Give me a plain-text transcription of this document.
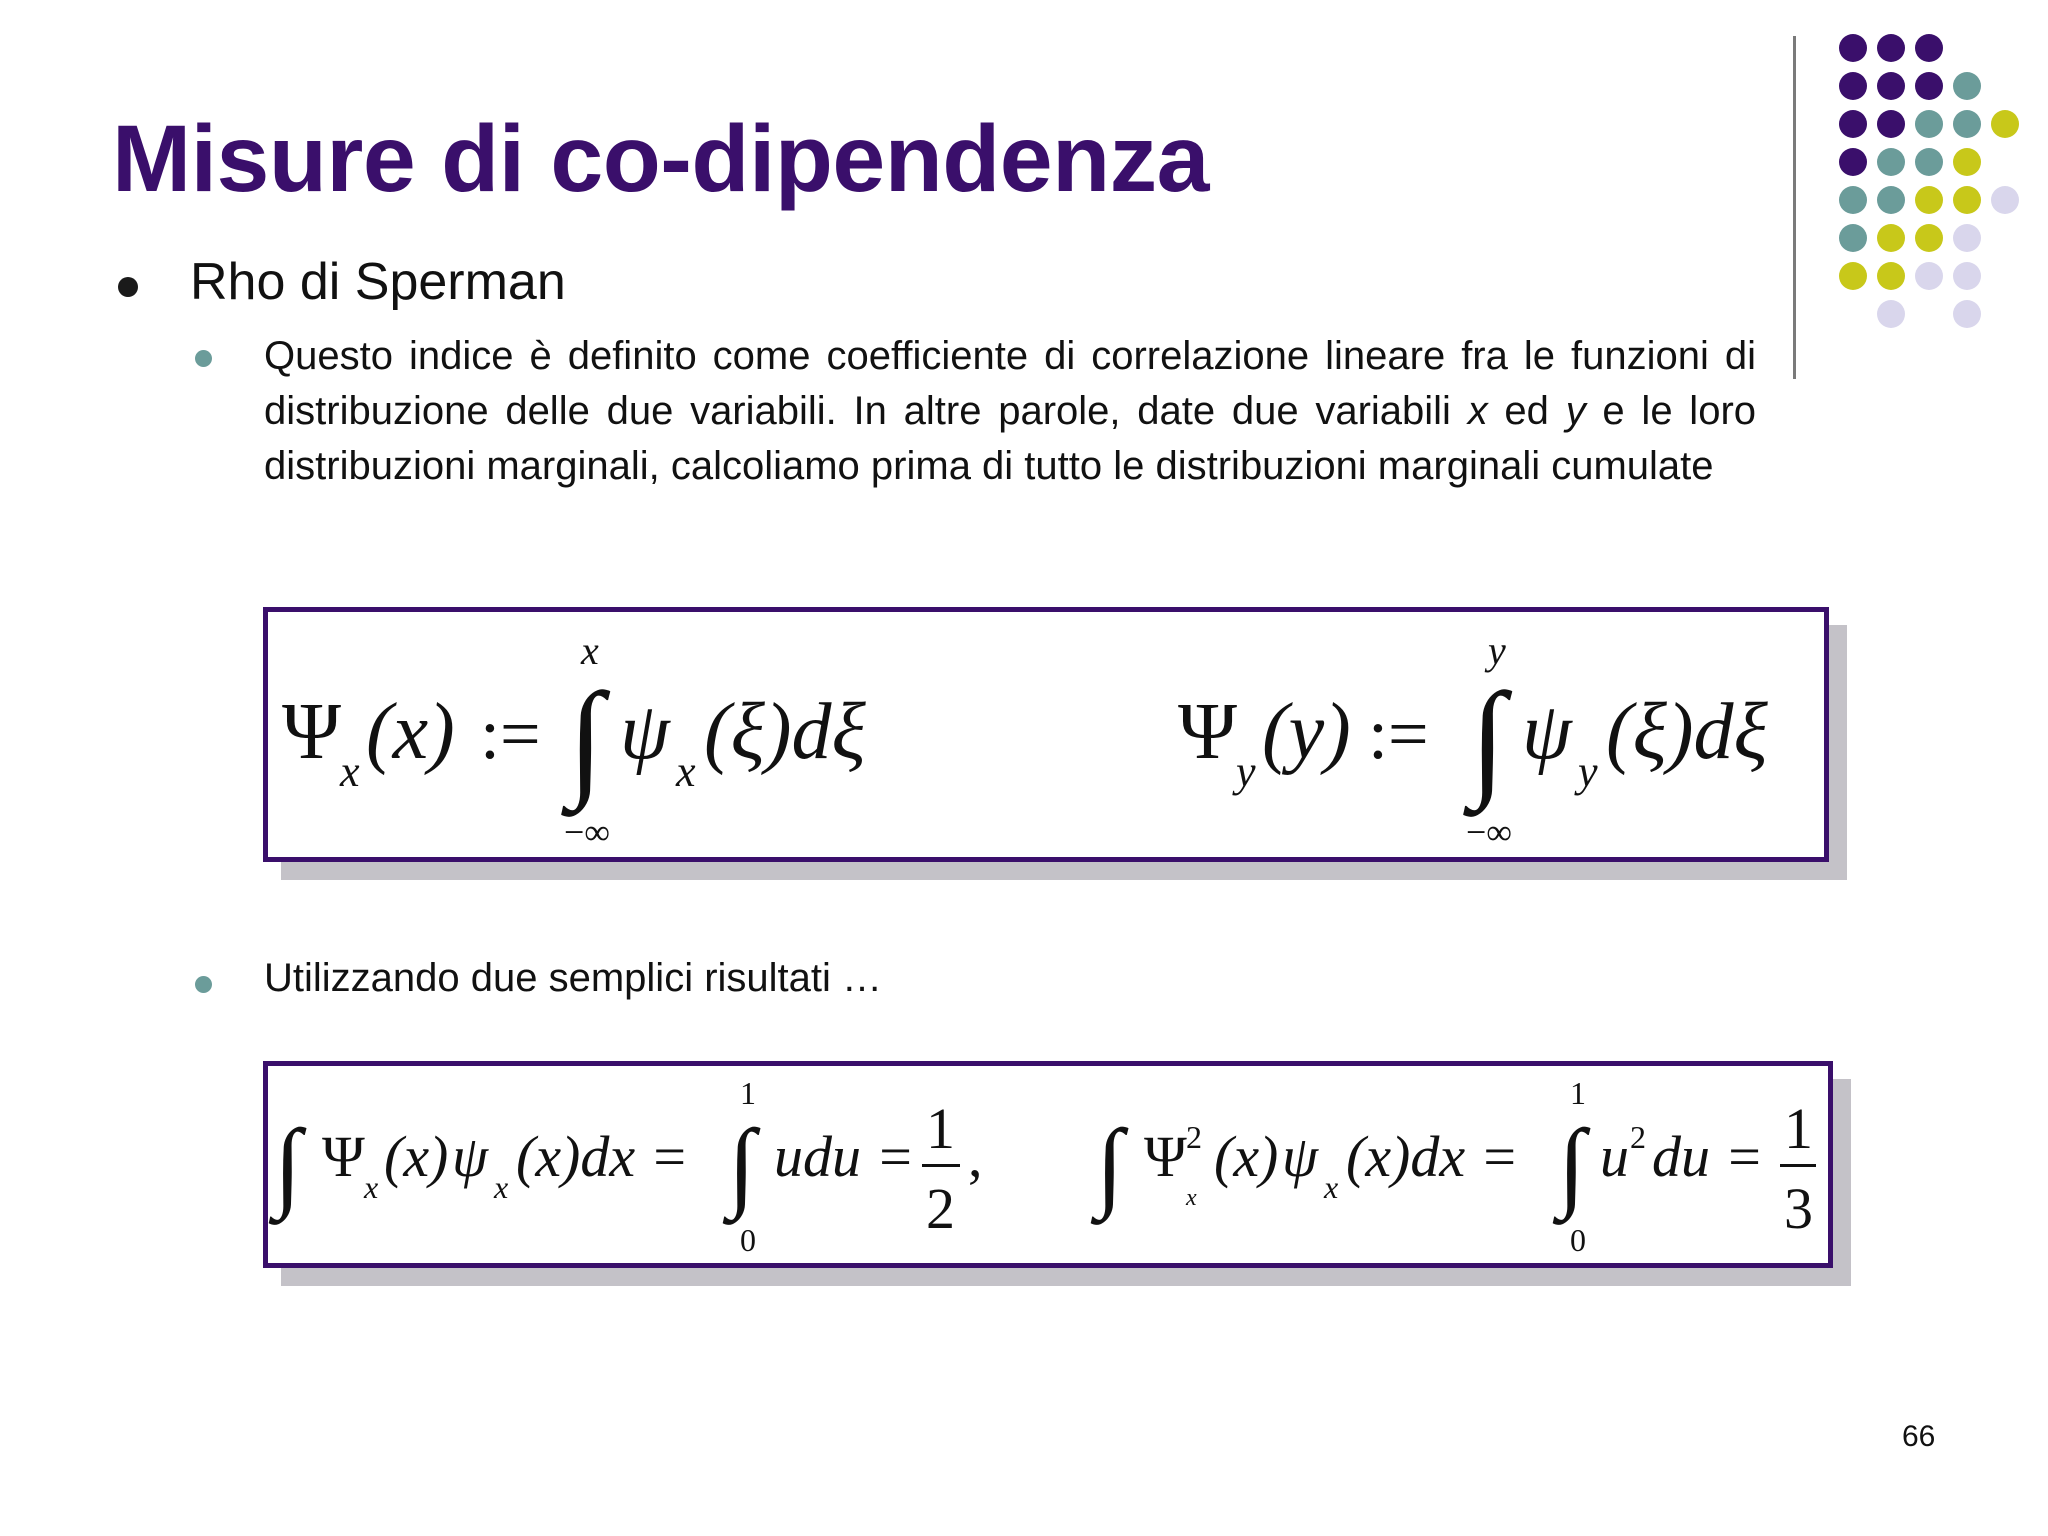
Misure di co-dipendenza
Rho di Sperman
Questo indice è definito come coefficiente di correlazione lineare fra le funzioni di distribuzione delle due variabili. In altre parole, date due variabili x ed y e le loro distribuzioni marginali, calcoliamo prima di tutto le distribuzioni marginali cumulate
Ψ
x (x) :=
x
∫
−∞
ψ x (ξ)dξ	Ψ
y (y) :=
y
∫
−∞
ψ y (ξ)dξ
Utilizzando due semplici risultati …
∫ Ψ x (x) ψ x (x)dx =
1
∫
0
udu = 1
2
, ∫ Ψ 2
x
(x) ψ x (x)dx =
1
∫
0
u 2 du = 1
3
66
